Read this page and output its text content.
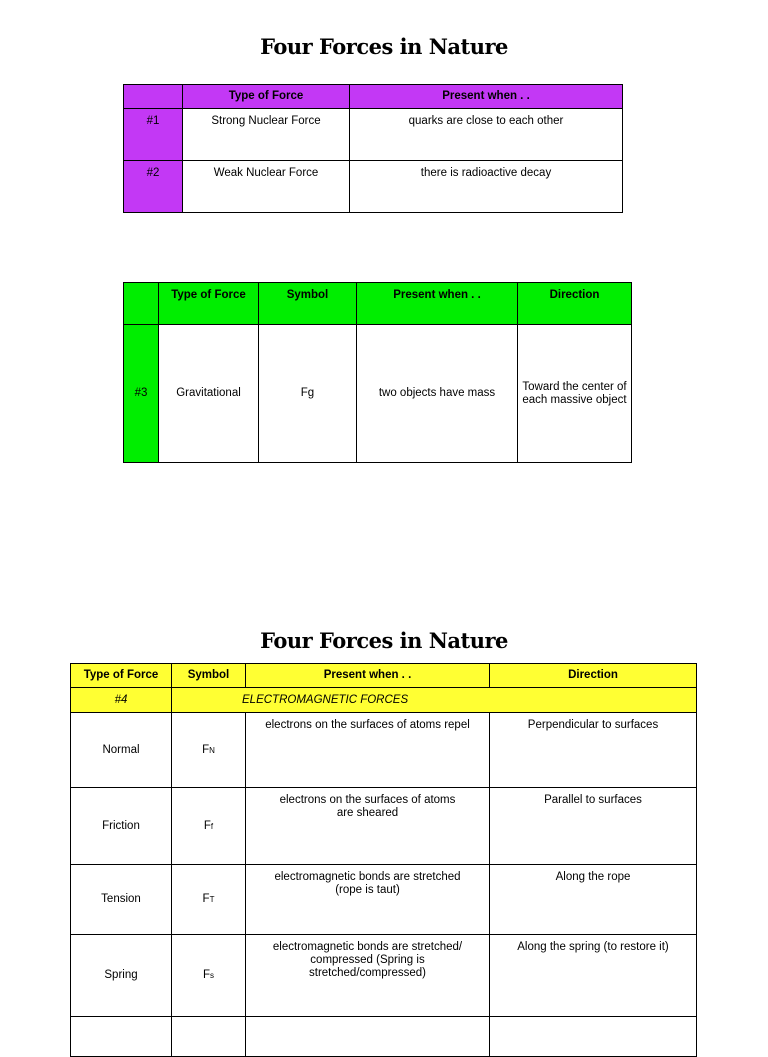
Four Forces in Nature
	Type of Force	Present when . .
#1	Strong Nuclear Force	quarks are close to each other
#2	Weak Nuclear Force	there is radioactive decay
	Type of Force	Symbol	Present when . .	Direction
#3	Gravitational	Fg	two objects have mass	Toward the center of each massive object
Four Forces in Nature
Type of Force	Symbol	Present when . .	Direction
#4	ELECTROMAGNETIC FORCES		
Normal	FN	electrons on the surfaces of atoms repel	Perpendicular to surfaces
Friction	Ff	electrons on the surfaces of atoms are sheared	Parallel to surfaces
Tension	FT	electromagnetic bonds are stretched (rope is taut)	Along the rope
Spring	Fs	electromagnetic bonds are stretched/ compressed (Spring is stretched/compressed)	Along the spring (to restore it)
